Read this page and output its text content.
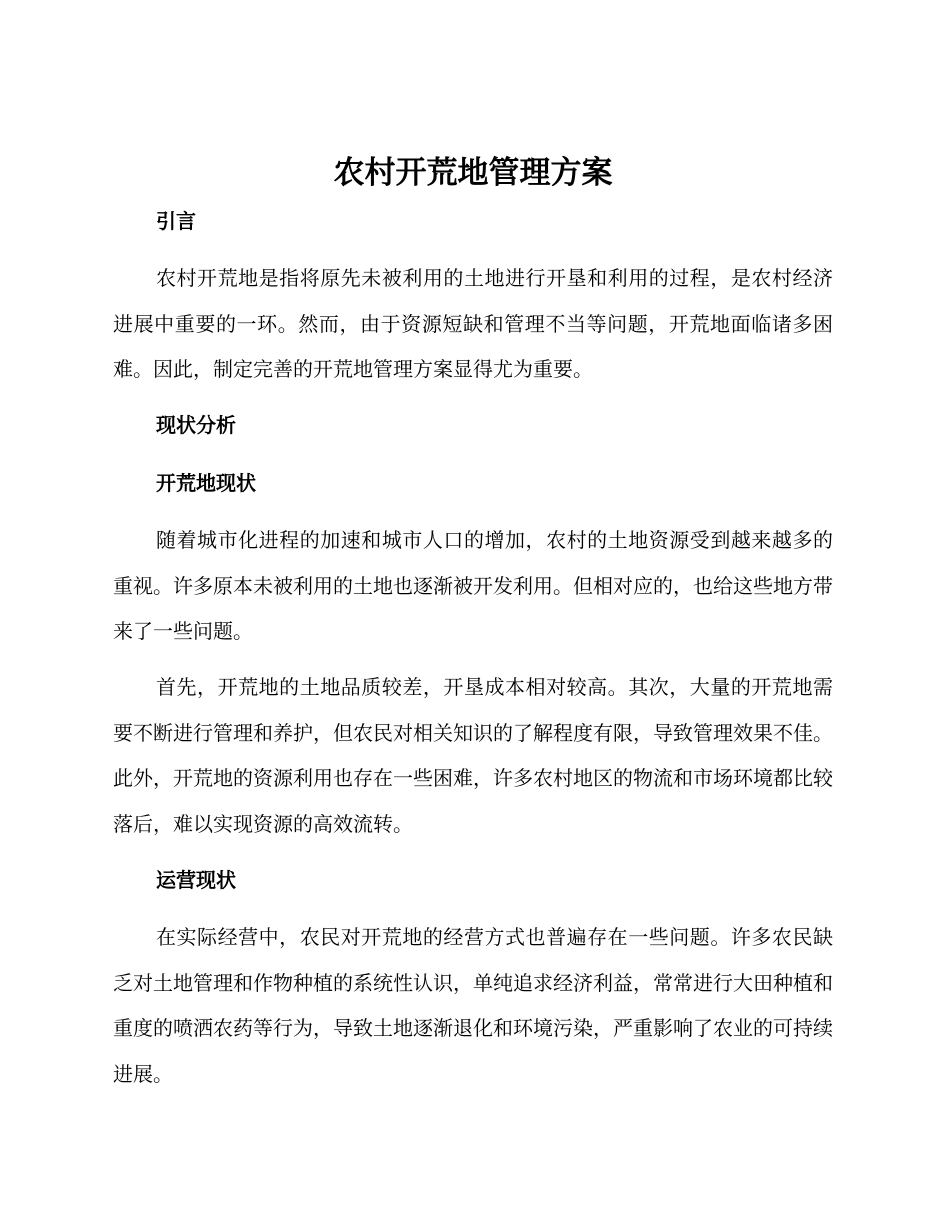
农村开荒地管理方案
引言

农村开荒地是指将原先未被利用的土地进行开垦和利用的过程，是农村经济进展中重要的一环。然而，由于资源短缺和管理不当等问题，开荒地面临诸多困难。因此，制定完善的开荒地管理方案显得尤为重要。

现状分析
开荒地现状

随着城市化进程的加速和城市人口的增加，农村的土地资源受到越来越多的重视。许多原本未被利用的土地也逐渐被开发利用。但相对应的，也给这些地方带来了一些问题。

首先，开荒地的土地品质较差，开垦成本相对较高。其次，大量的开荒地需要不断进行管理和养护，但农民对相关知识的了解程度有限，导致管理效果不佳。此外，开荒地的资源利用也存在一些困难，许多农村地区的物流和市场环境都比较落后，难以实现资源的高效流转。

运营现状

在实际经营中，农民对开荒地的经营方式也普遍存在一些问题。许多农民缺乏对土地管理和作物种植的系统性认识，单纯追求经济利益，常常进行大田种植和重度的喷洒农药等行为，导致土地逐渐退化和环境污染，严重影响了农业的可持续进展。
